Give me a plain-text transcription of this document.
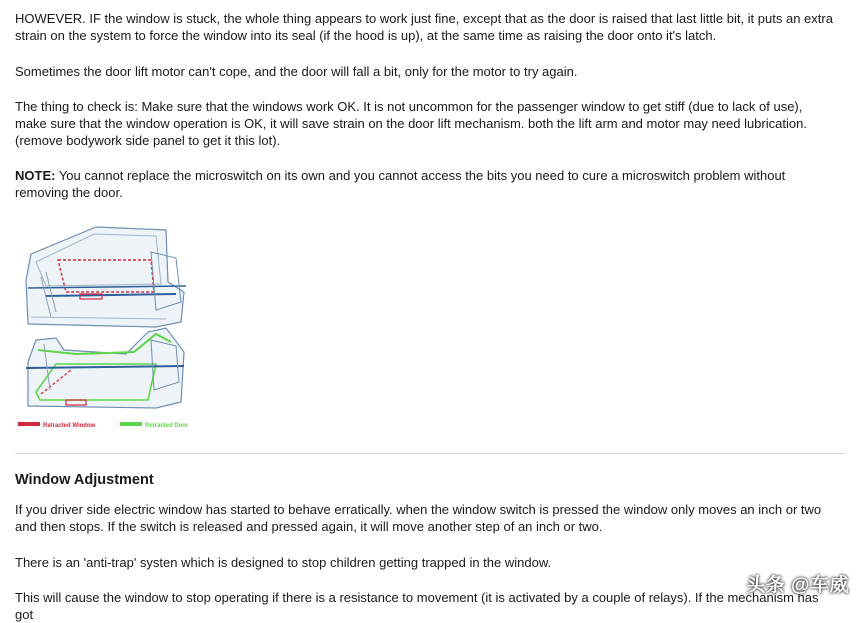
HOWEVER. IF the window is stuck, the whole thing appears to work just fine, except that as the door is raised that last little bit, it puts an extra strain on the system to force the window into its seal (if the hood is up), at the same time as raising the door onto it's latch.

Sometimes the door lift motor can't cope, and the door will fall a bit, only for the motor to try again.

The thing to check is: Make sure that the windows work OK. It is not uncommon for the passenger window to get stiff (due to lack of use), make sure that the window operation is OK, it will save strain on the door lift mechanism. both the lift arm and motor may need lubrication. (remove bodywork side panel to get it this lot).

NOTE: You cannot replace the microswitch on its own and you cannot access the bits you need to cure a microswitch problem without removing the door.

Retracted Window	Retracted Door
Window Adjustment

If you driver side electric window has started to behave erratically. when the window switch is pressed the window only moves an inch or two and then stops. If the switch is released and pressed again, it will move another step of an inch or two.

There is an 'anti-trap' systen which is designed to stop children getting trapped in the window.

This will cause the window to stop operating if there is a resistance to movement (it is activated by a couple of relays). If the mechanism has got

头条 @车威
